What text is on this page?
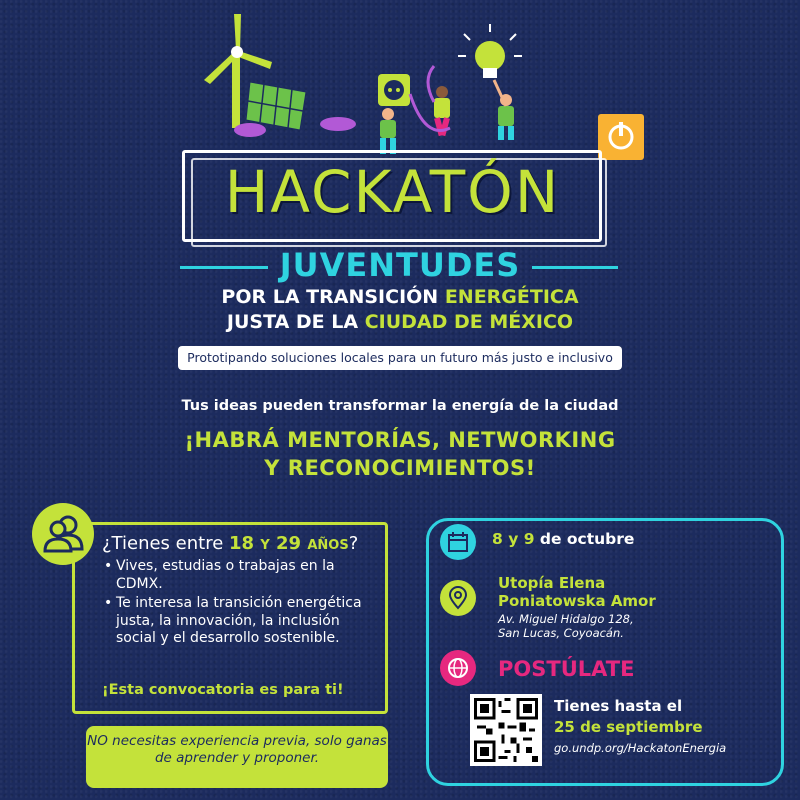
HACKATÓN
JUVENTUDES
POR LA TRANSICIÓN ENERGÉTICA
JUSTA DE LA CIUDAD DE MÉXICO
Prototipando soluciones locales para un futuro más justo e inclusivo
Tus ideas pueden transformar la energía de la ciudad
¡HABRÁ MENTORÍAS, NETWORKING
Y RECONOCIMIENTOS!
¿Tienes entre 18 y 29 años?
• Vives, estudias o trabajas en la CDMX.
• Te interesa la transición energética justa, la innovación, la inclusión social y el desarrollo sostenible.
¡Esta convocatoria es para ti!
NO necesitas experiencia previa, solo ganas de aprender y proponer.
8 y 9 de octubre
Utopía Elena
Poniatowska Amor
Av. Miguel Hidalgo 128,
San Lucas, Coyoacán.
POSTÚLATE
Tienes hasta el
25 de septiembre
go.undp.org/HackatonEnergia
